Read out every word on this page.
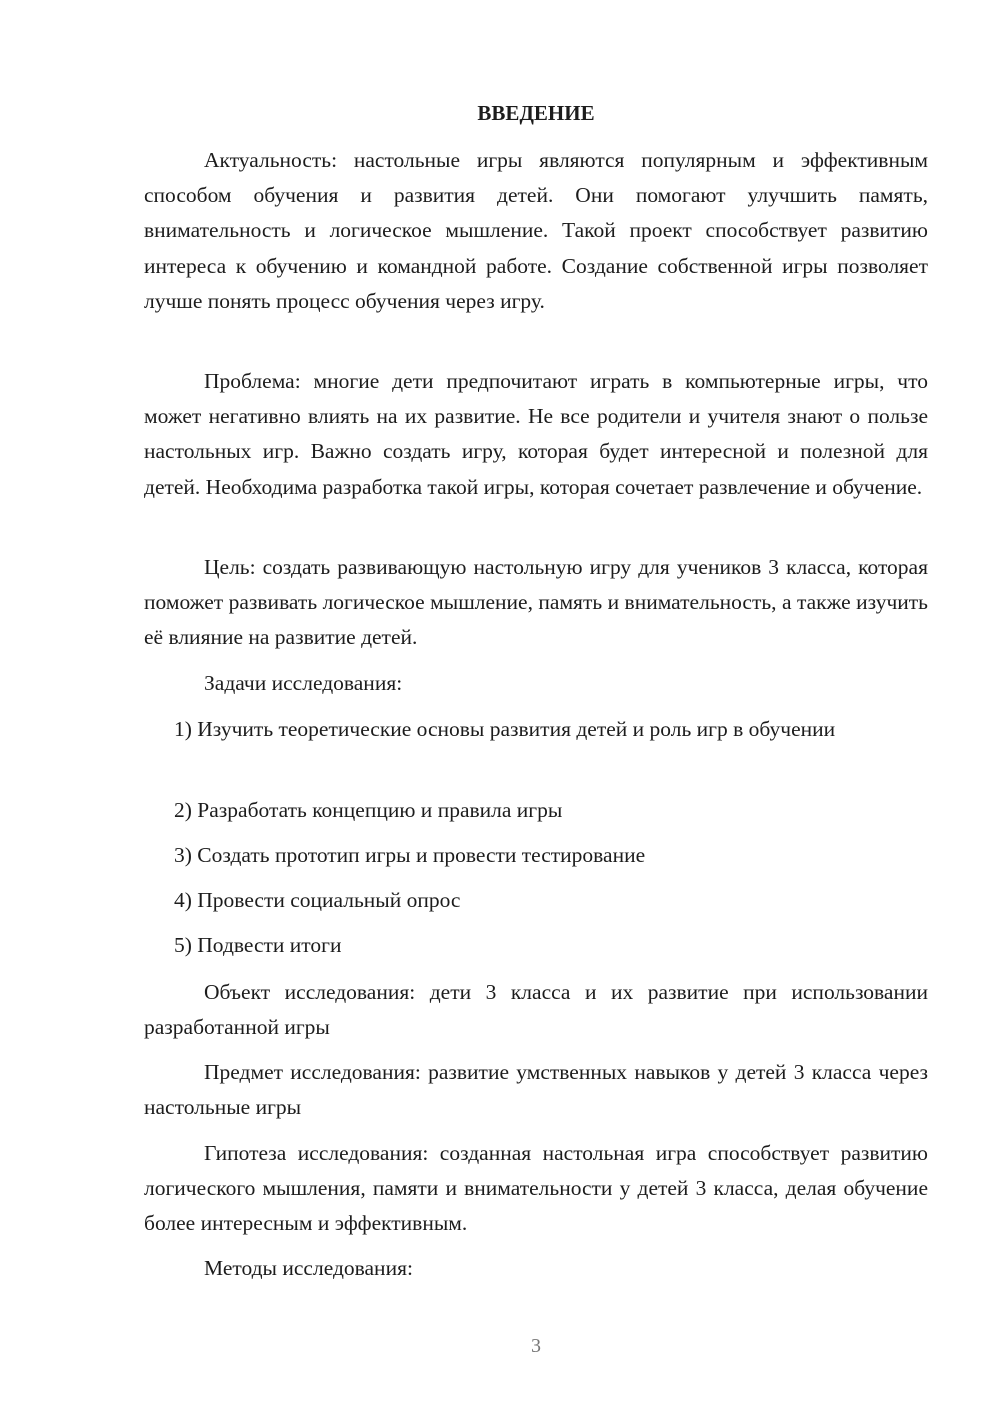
ВВЕДЕНИЕ

Актуальность: настольные игры являются популярным и эффективным способом обучения и развития детей. Они помогают улучшить память, внимательность и логическое мышление. Такой проект способствует развитию интереса к обучению и командной работе. Создание собственной игры позволяет лучше понять процесс обучения через игру.

Проблема: многие дети предпочитают играть в компьютерные игры, что может негативно влиять на их развитие. Не все родители и учителя знают о пользе настольных игр. Важно создать игру, которая будет интересной и полезной для детей. Необходима разработка такой игры, которая сочетает развлечение и обучение.

Цель: создать развивающую настольную игру для учеников 3 класса, которая поможет развивать логическое мышление, память и внимательность, а также изучить её влияние на развитие детей.

Задачи исследования:

1) Изучить теоретические основы развития детей и роль игр в обучении

2) Разработать концепцию и правила игры

3) Создать прототип игры и провести тестирование

4) Провести социальный опрос

5) Подвести итоги

Объект исследования: дети 3 класса и их развитие при использовании разработанной игры

Предмет исследования: развитие умственных навыков у детей 3 класса через настольные игры

Гипотеза исследования: созданная настольная игра способствует развитию логического мышления, памяти и внимательности у детей 3 класса, делая обучение более интересным и эффективным.

Методы исследования:

3
